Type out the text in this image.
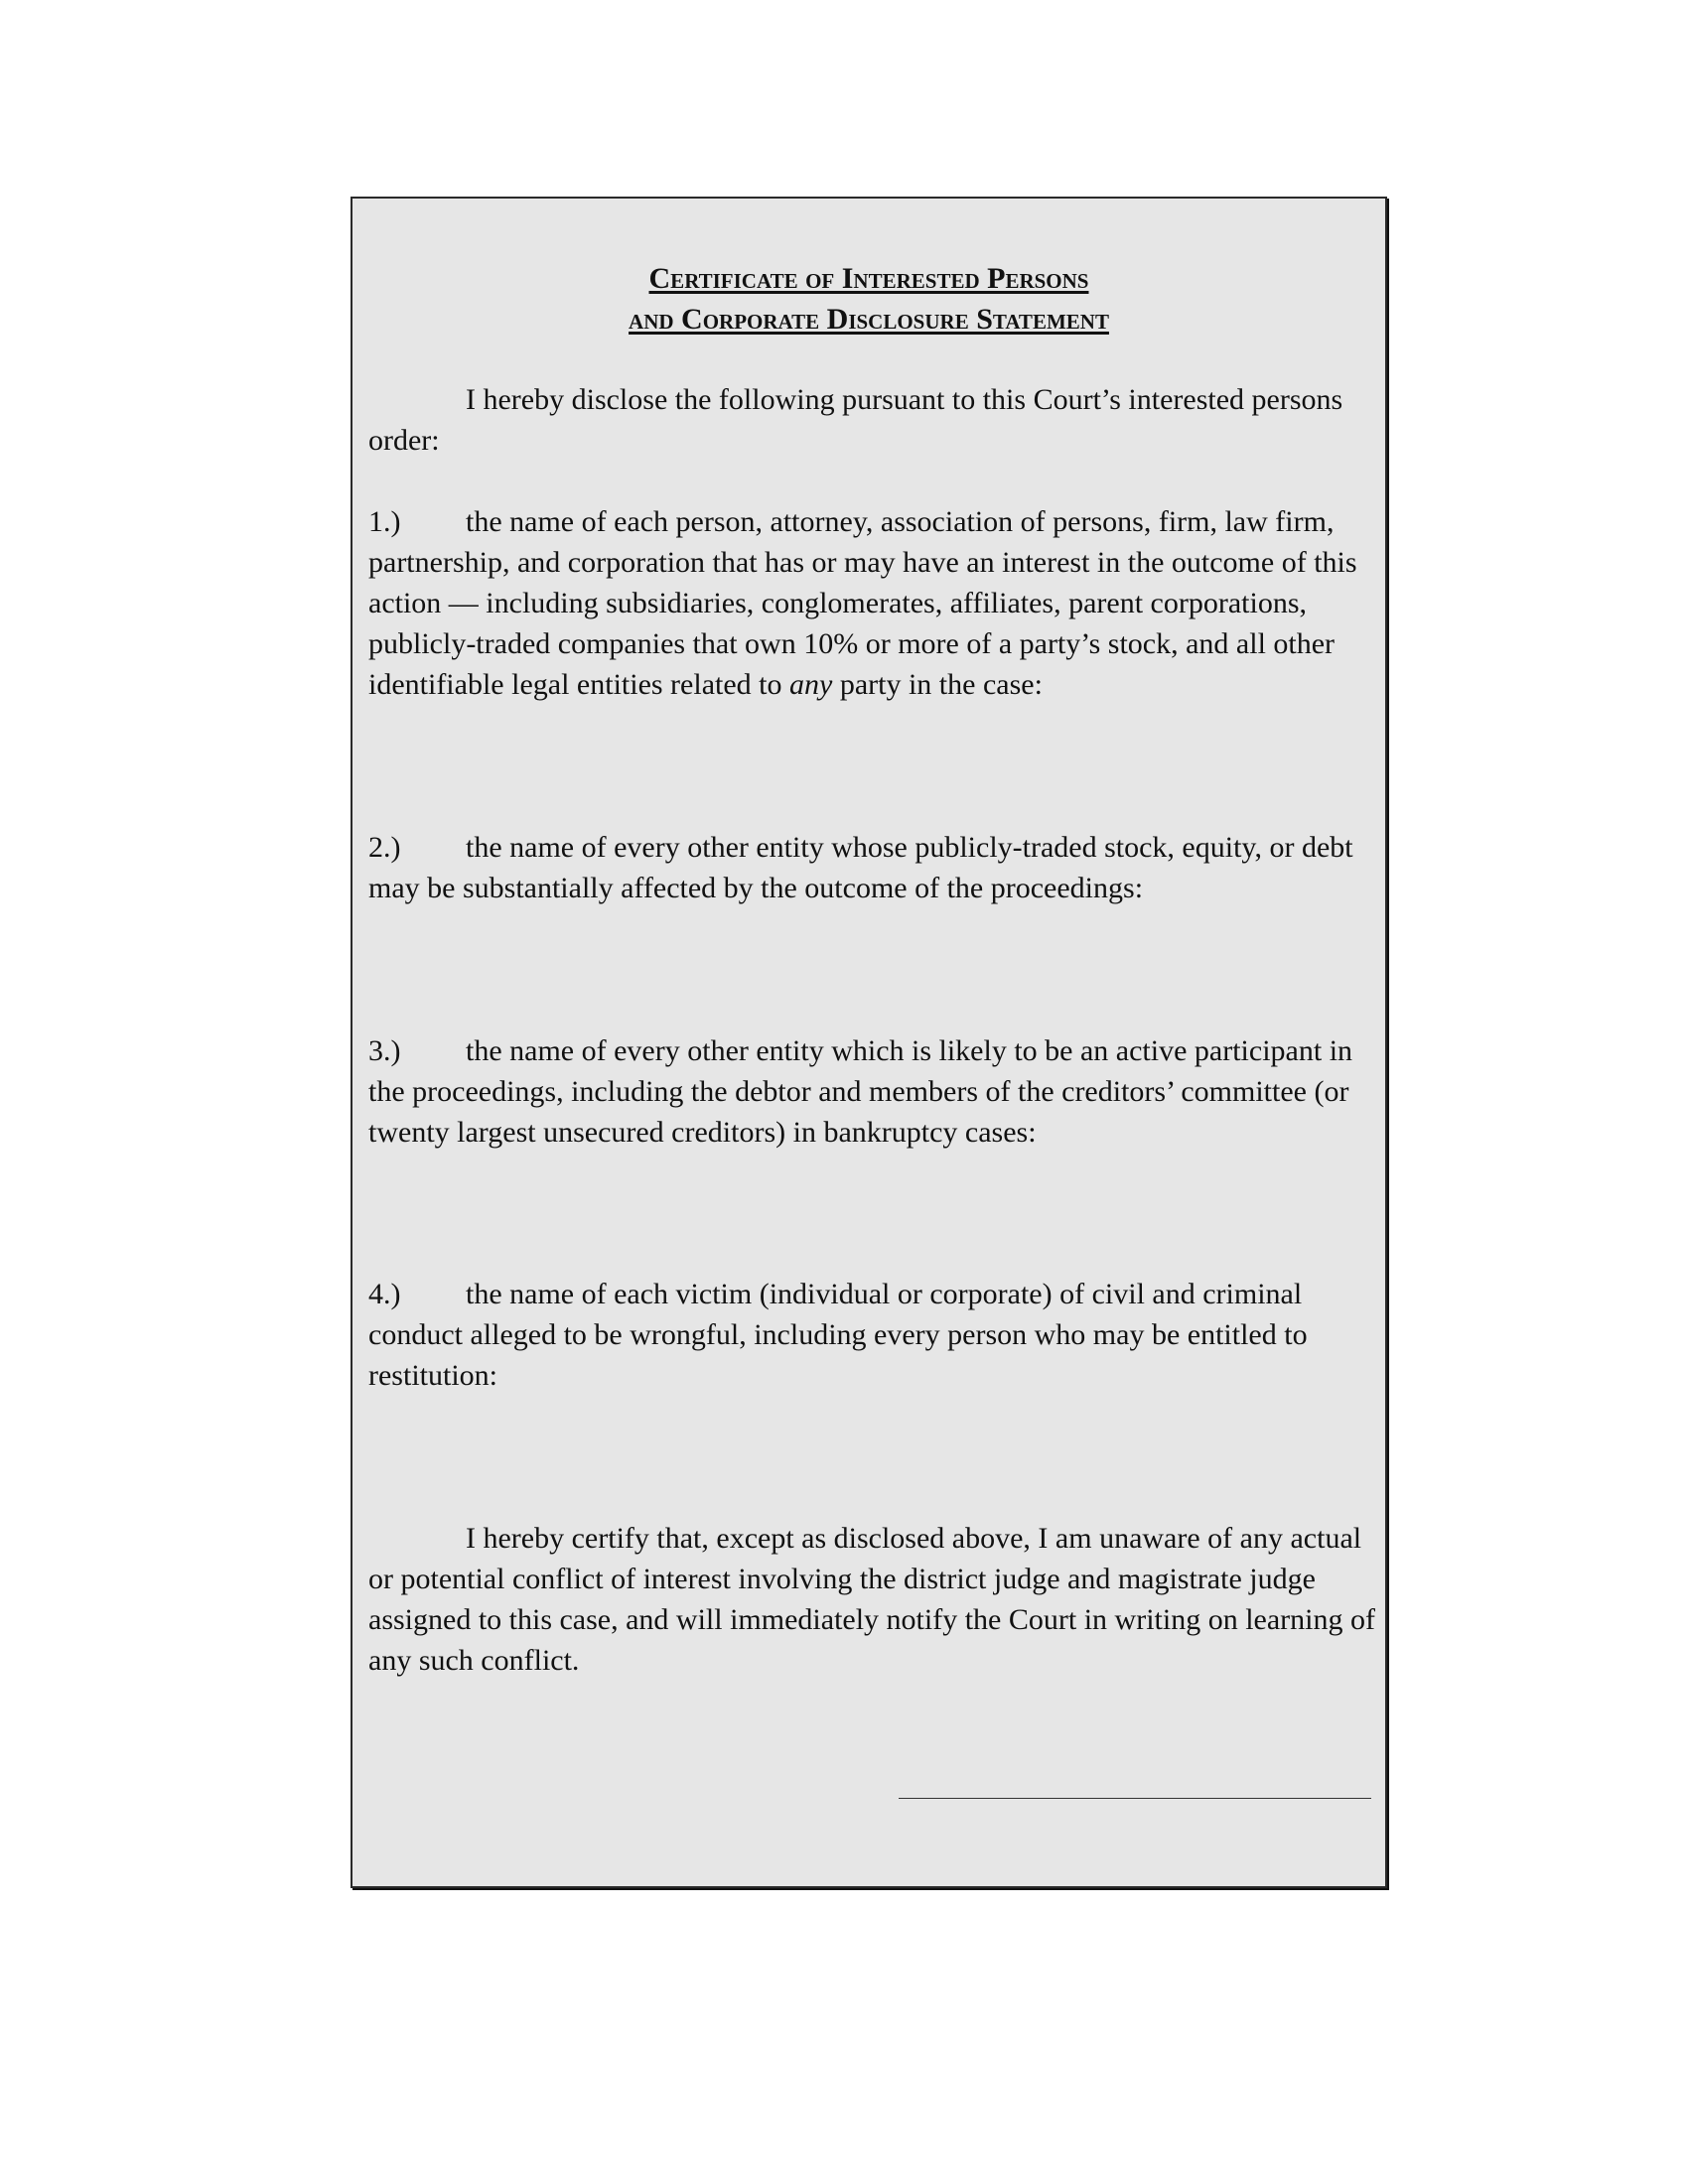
Certificate of Interested Persons
and Corporate Disclosure Statement

I hereby disclose the following pursuant to this Court’s interested persons order:

1.) the name of each person, attorney, association of persons, firm, law firm, partnership, and corporation that has or may have an interest in the outcome of this action — including subsidiaries, conglomerates, affiliates, parent corporations, publicly-traded companies that own 10% or more of a party’s stock, and all other identifiable legal entities related to any party in the case:

2.) the name of every other entity whose publicly-traded stock, equity, or debt may be substantially affected by the outcome of the proceedings:

3.) the name of every other entity which is likely to be an active participant in the proceedings, including the debtor and members of the creditors’ committee (or twenty largest unsecured creditors) in bankruptcy cases:

4.) the name of each victim (individual or corporate) of civil and criminal conduct alleged to be wrongful, including every person who may be entitled to restitution:

I hereby certify that, except as disclosed above, I am unaware of any actual or potential conflict of interest involving the district judge and magistrate judge assigned to this case, and will immediately notify the Court in writing on learning of any such conflict.
